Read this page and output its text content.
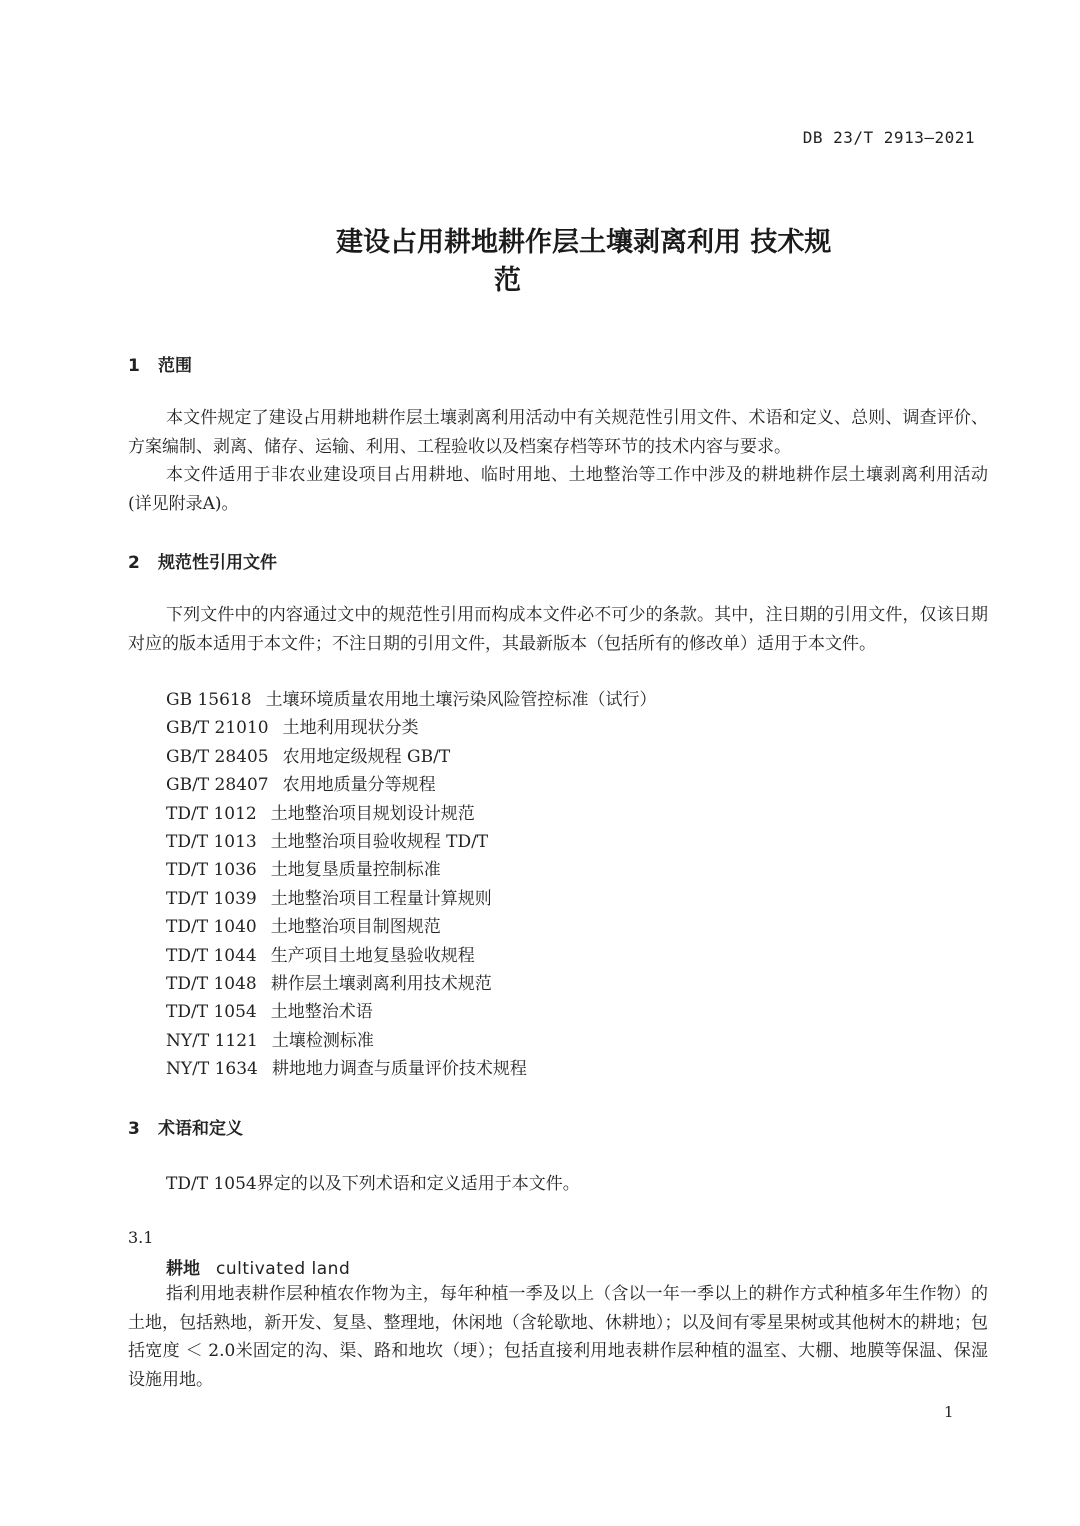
DB 23/T 2913—2021
建设占用耕地耕作层土壤剥离利用 技术规
范
1 范围
本文件规定了建设占用耕地耕作层土壤剥离利用活动中有关规范性引用文件、术语和定义、总则、调查评价、方案编制、剥离、储存、运输、利用、工程验收以及档案存档等环节的技术内容与要求。
本文件适用于非农业建设项目占用耕地、临时用地、土地整治等工作中涉及的耕地耕作层土壤剥离利用活动(详见附录A)。
2 规范性引用文件
下列文件中的内容通过文中的规范性引用而构成本文件必不可少的条款。其中，注日期的引用文件，仅该日期对应的版本适用于本文件；不注日期的引用文件，其最新版本（包括所有的修改单）适用于本文件。
GB 15618 土壤环境质量农用地土壤污染风险管控标准（试行）
GB/T 21010 土地利用现状分类
GB/T 28405 农用地定级规程 GB/T
GB/T 28407 农用地质量分等规程
TD/T 1012 土地整治项目规划设计规范
TD/T 1013 土地整治项目验收规程 TD/T
TD/T 1036 土地复垦质量控制标准
TD/T 1039 土地整治项目工程量计算规则
TD/T 1040 土地整治项目制图规范
TD/T 1044 生产项目土地复垦验收规程
TD/T 1048 耕作层土壤剥离利用技术规范
TD/T 1054 土地整治术语
NY/T 1121 土壤检测标准
NY/T 1634 耕地地力调查与质量评价技术规程
3 术语和定义
TD/T 1054界定的以及下列术语和定义适用于本文件。
3.1
耕地 cultivated land
指利用地表耕作层种植农作物为主，每年种植一季及以上（含以一年一季以上的耕作方式种植多年生作物）的土地，包括熟地，新开发、复垦、整理地，休闲地（含轮歇地、休耕地）；以及间有零星果树或其他树木的耕地；包括宽度 ＜ 2.0米固定的沟、渠、路和地坎（埂）；包括直接利用地表耕作层种植的温室、大棚、地膜等保温、保湿设施用地。
1
